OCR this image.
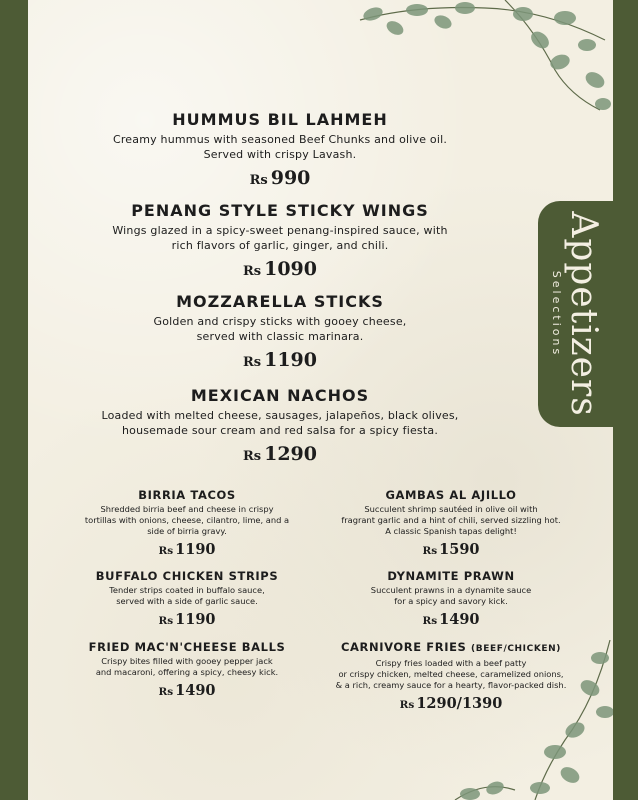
Appetizers
Selections
HUMMUS BIL LAHMEH
Creamy hummus with seasoned Beef Chunks and olive oil.
Served with crispy Lavash.
Rs 990
PENANG STYLE STICKY WINGS
Wings glazed in a spicy-sweet penang-inspired sauce, with
rich flavors of garlic, ginger, and chili.
Rs 1090
MOZZARELLA STICKS
Golden and crispy sticks with gooey cheese,
served with classic marinara.
Rs 1190
MEXICAN NACHOS
Loaded with melted cheese, sausages, jalapeños, black olives,
housemade sour cream and red salsa for a spicy fiesta.
Rs 1290
BIRRIA TACOS
Shredded birria beef and cheese in crispy
tortillas with onions, cheese, cilantro, lime, and a
side of birria gravy.
Rs 1190
GAMBAS AL AJILLO
Succulent shrimp sautéed in olive oil with
fragrant garlic and a hint of chili, served sizzling hot.
A classic Spanish tapas delight!
Rs 1590
BUFFALO CHICKEN STRIPS
Tender strips coated in buffalo sauce,
served with a side of garlic sauce.
Rs 1190
DYNAMITE PRAWN
Succulent prawns in a dynamite sauce
for a spicy and savory kick.
Rs 1490
FRIED MAC'N'CHEESE BALLS
Crispy bites filled with gooey pepper jack
and macaroni, offering a spicy, cheesy kick.
Rs 1490
CARNIVORE FRIES (BEEF/CHICKEN)
Crispy fries loaded with a beef patty
or crispy chicken, melted cheese, caramelized onions,
& a rich, creamy sauce for a hearty, flavor-packed dish.
Rs 1290/1390
